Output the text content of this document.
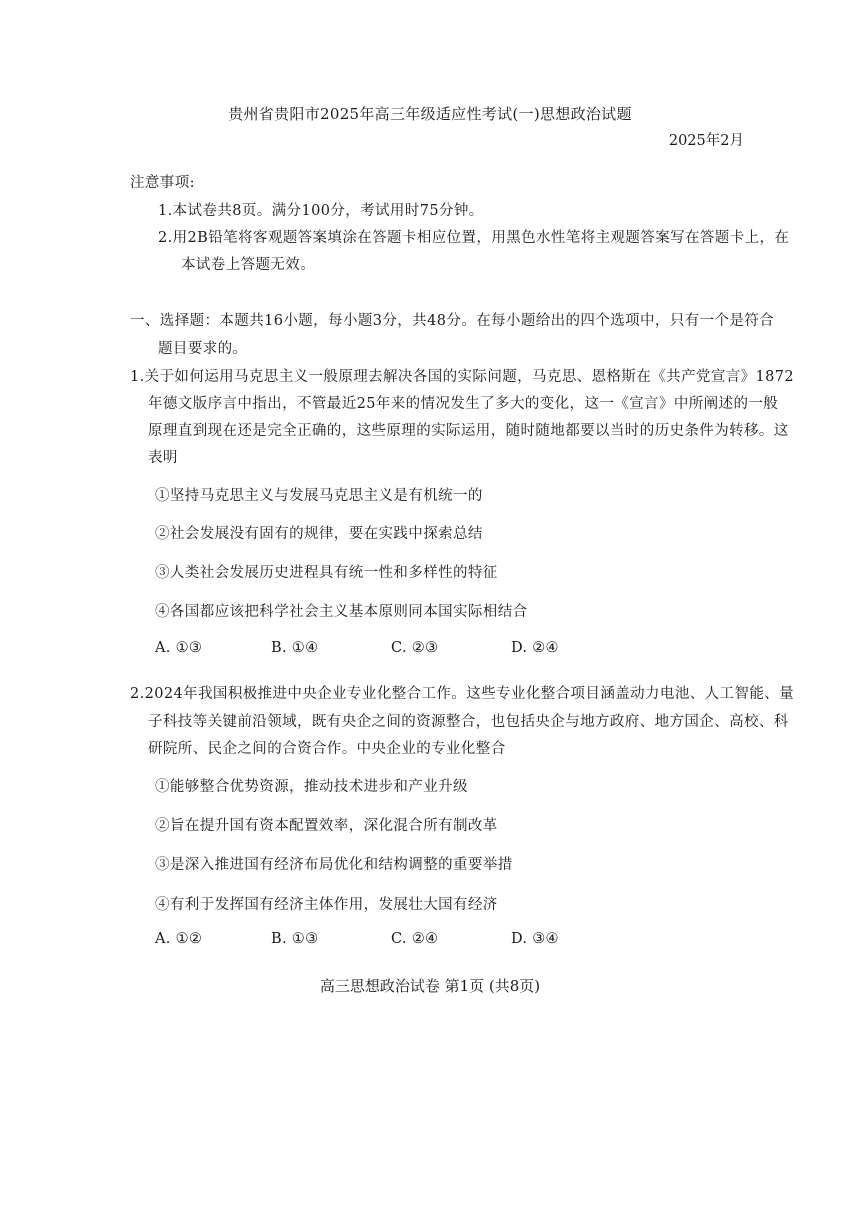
贵州省贵阳市2025年高三年级适应性考试(一)思想政治试题
2025年2月
注意事项:
1.本试卷共8页。满分100分，考试用时75分钟。
2.用2B铅笔将客观题答案填涂在答题卡相应位置，用黑色水性笔将主观题答案写在答题卡上，在
本试卷上答题无效。
一、选择题：本题共16小题，每小题3分，共48分。在每小题给出的四个选项中，只有一个是符合
题目要求的。
1.关于如何运用马克思主义一般原理去解决各国的实际问题，马克思、恩格斯在《共产党宣言》1872
年德文版序言中指出，不管最近25年来的情况发生了多大的变化，这一《宣言》中所阐述的一般
原理直到现在还是完全正确的，这些原理的实际运用，随时随地都要以当时的历史条件为转移。这
表明
①坚持马克思主义与发展马克思主义是有机统一的
②社会发展没有固有的规律，要在实践中探索总结
③人类社会发展历史进程具有统一性和多样性的特征
④各国都应该把科学社会主义基本原则同本国实际相结合
A. ①③	B. ①④	C. ②③	D. ②④
2.2024年我国积极推进中央企业专业化整合工作。这些专业化整合项目涵盖动力电池、人工智能、量
子科技等关键前沿领域，既有央企之间的资源整合，也包括央企与地方政府、地方国企、高校、科
研院所、民企之间的合资合作。中央企业的专业化整合
①能够整合优势资源，推动技术进步和产业升级
②旨在提升国有资本配置效率，深化混合所有制改革
③是深入推进国有经济布局优化和结构调整的重要举措
④有利于发挥国有经济主体作用，发展壮大国有经济
A. ①②	B. ①③	C. ②④	D. ③④
高三思想政治试卷 第1页 (共8页)
